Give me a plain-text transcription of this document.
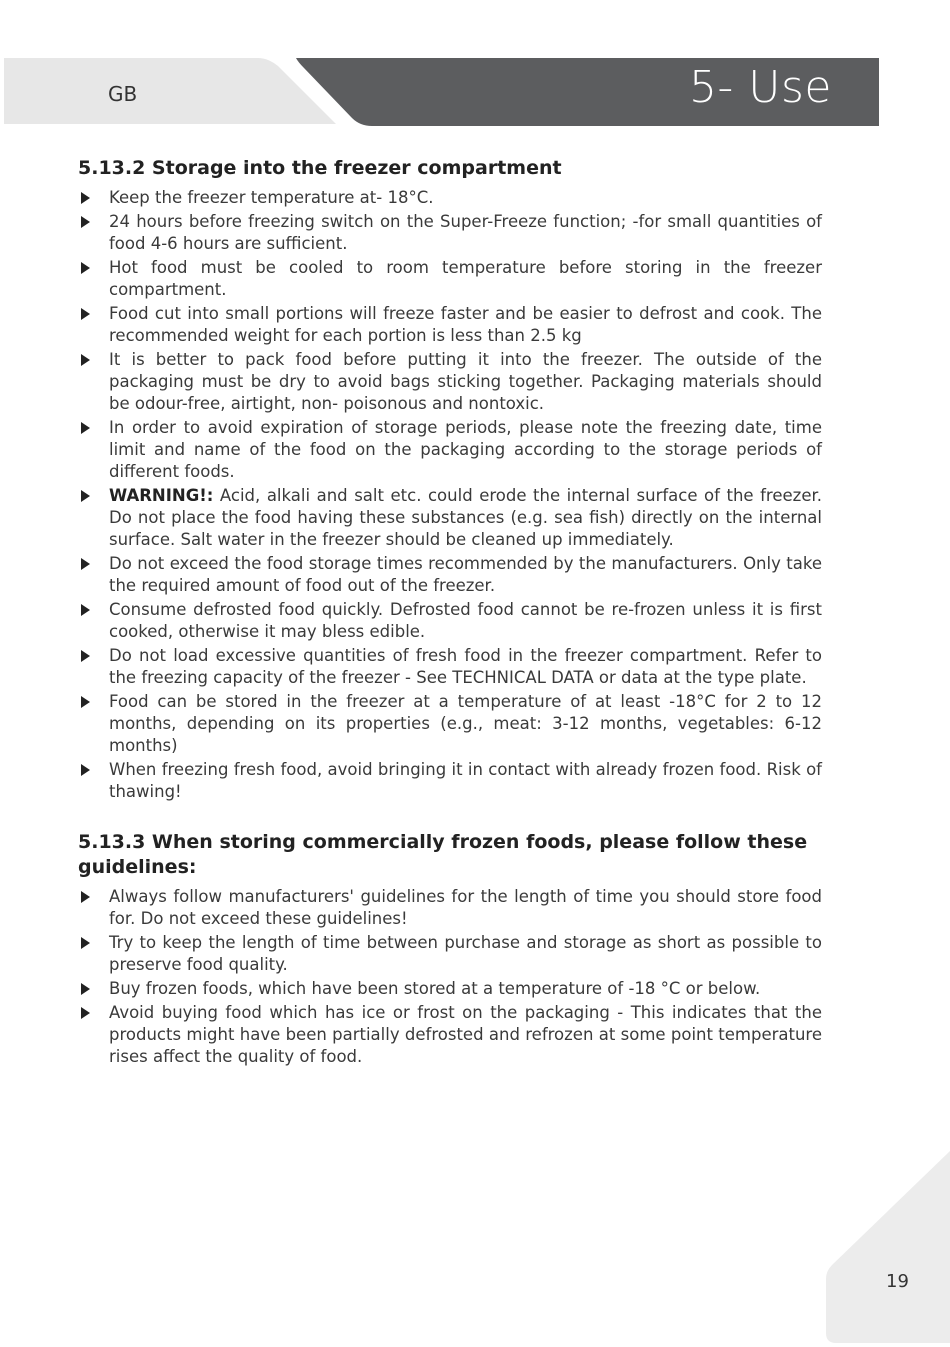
GB	5- Use
5.13.2 Storage into the freezer compartment
Keep the freezer temperature at- 18°C.
24 hours before freezing switch on the Super-Freeze function; -for small quantities of food 4-6 hours are sufficient.
Hot food must be cooled to room temperature before storing in the freezer compartment.
Food cut into small portions will freeze faster and be easier to defrost and cook. The recommended weight for each portion is less than 2.5 kg
It is better to pack food before putting it into the freezer. The outside of the packaging must be dry to avoid bags sticking together. Packaging materials should be odour-free, airtight, non- poisonous and nontoxic.
In order to avoid expiration of storage periods, please note the freezing date, time limit and name of the food on the packaging according to the storage periods of different foods.
WARNING!: Acid, alkali and salt etc. could erode the internal surface of the freezer. Do not place the food having these substances (e.g. sea fish) directly on the internal surface. Salt water in the freezer should be cleaned up immediately.
Do not exceed the food storage times recommended by the manufacturers. Only take the required amount of food out of the freezer.
Consume defrosted food quickly. Defrosted food cannot be re-frozen unless it is first cooked, otherwise it may bless edible.
Do not load excessive quantities of fresh food in the freezer compartment. Refer to the freezing capacity of the freezer - See TECHNICAL DATA or data at the type plate.
Food can be stored in the freezer at a temperature of at least -18°C for 2 to 12 months, depending on its properties (e.g., meat: 3-12 months, vegetables: 6-12 months)
When freezing fresh food, avoid bringing it in contact with already frozen food. Risk of thawing!
5.13.3 When storing commercially frozen foods, please follow these guidelines:
Always follow manufacturers' guidelines for the length of time you should store food for. Do not exceed these guidelines!
Try to keep the length of time between purchase and storage as short as possible to preserve food quality.
Buy frozen foods, which have been stored at a temperature of -18 °C or below.
Avoid buying food which has ice or frost on the packaging - This indicates that the products might have been partially defrosted and refrozen at some point temperature rises affect the quality of food.
19
